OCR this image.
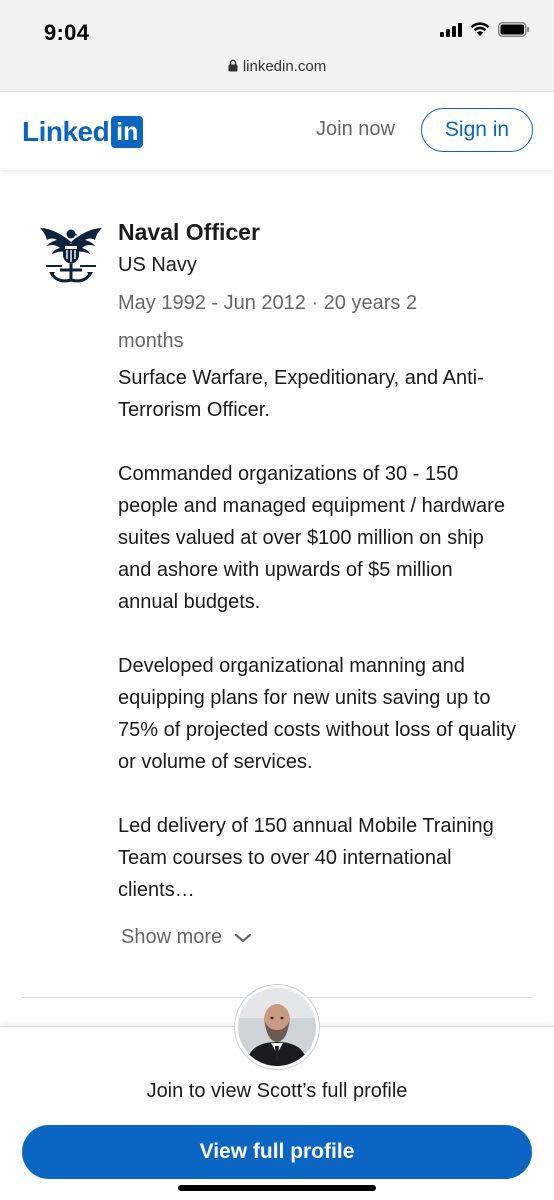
9:04
linkedin.com
Linked in	Join now	Sign in
Naval Officer
US Navy
May 1992 - Jun 2012 · 20 years 2 months

Surface Warfare, Expeditionary, and Anti-Terrorism Officer.

Commanded organizations of 30 - 150 people and managed equipment / hardware suites valued at over $100 million on ship and ashore with upwards of $5 million annual budgets.

Developed organizational manning and equipping plans for new units saving up to 75% of projected costs without loss of quality or volume of services.

Led delivery of 150 annual Mobile Training Team courses to over 40 international clients…

Show more
Join to view Scott’s full profile
View full profile
